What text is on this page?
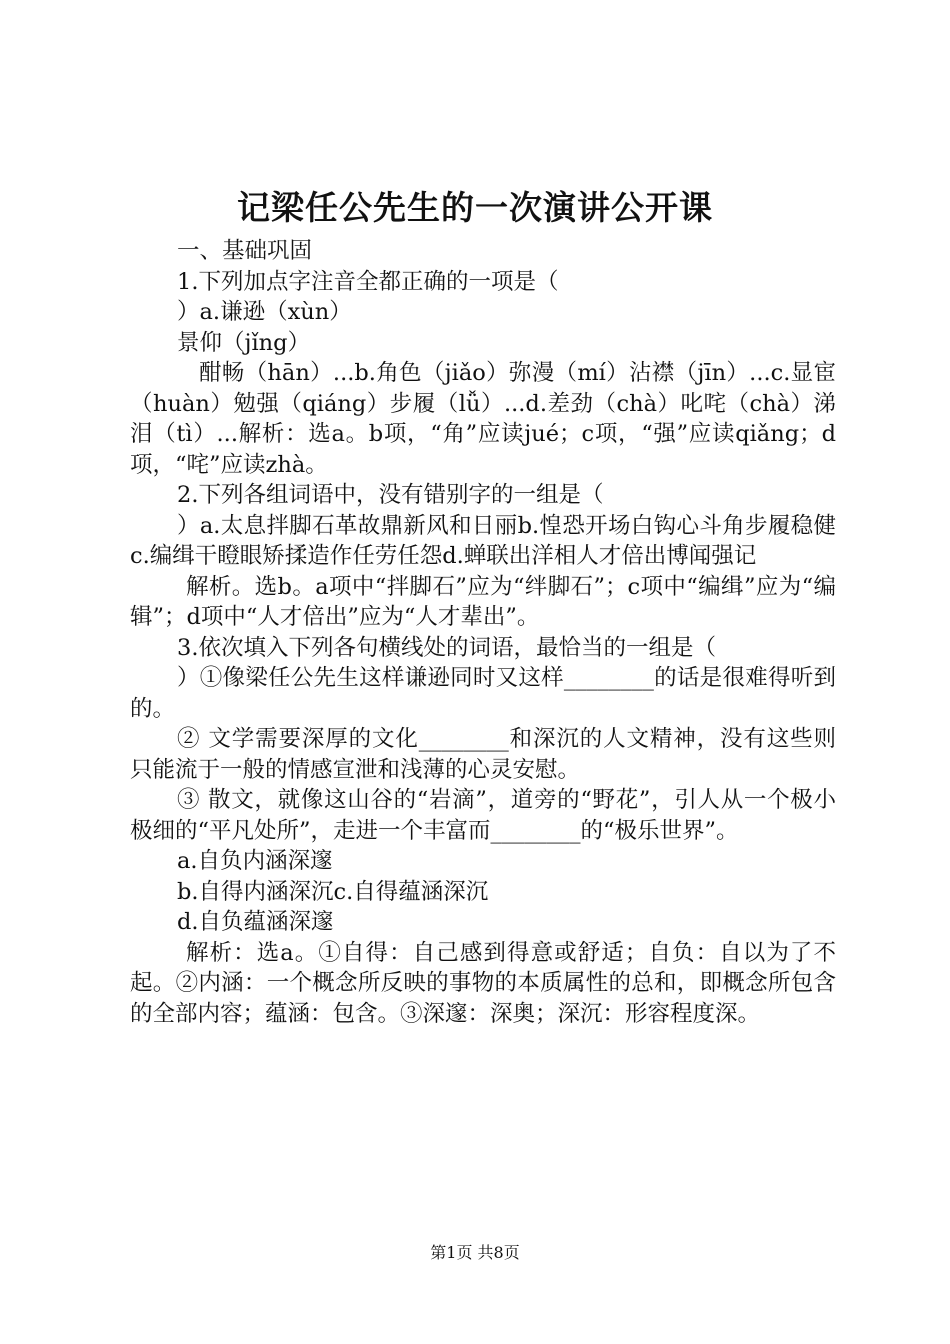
记梁任公先生的一次演讲公开课

一、基础巩固

1.下列加点字注音全都正确的一项是（

）a.谦逊（xùn）

景仰（jǐng）

酣畅（hān）...b.角色（jiǎo）弥漫（mí）沾襟（jīn）...c.显宦（huàn）勉强（qiáng）步履（lǚ）...d.差劲（chà）叱咤（chà）涕泪（tì）...解析：选a。b项，“角”应读jué；c项，“强”应读qiǎng；d项，“咤”应读zhà。

2.下列各组词语中，没有错别字的一组是（

）a.太息拌脚石革故鼎新风和日丽b.惶恐开场白钩心斗角步履稳健c.编缉干瞪眼矫揉造作任劳任怨d.蝉联出洋相人才倍出博闻强记

解析。选b。a项中“拌脚石”应为“绊脚石”；c项中“编缉”应为“编辑”；d项中“人才倍出”应为“人才辈出”。

3.依次填入下列各句横线处的词语，最恰当的一组是（

）①像梁任公先生这样谦逊同时又这样________的话是很难得听到的。

② 文学需要深厚的文化________和深沉的人文精神，没有这些则只能流于一般的情感宣泄和浅薄的心灵安慰。

③ 散文，就像这山谷的“岩滴”，道旁的“野花”，引人从一个极小极细的“平凡处所”，走进一个丰富而________的“极乐世界”。

a.自负内涵深邃

b.自得内涵深沉c.自得蕴涵深沉

d.自负蕴涵深邃

解析：选a。①自得：自己感到得意或舒适；自负：自以为了不起。②内涵：一个概念所反映的事物的本质属性的总和，即概念所包含的全部内容；蕴涵：包含。③深邃：深奥；深沉：形容程度深。

第1页 共8页
